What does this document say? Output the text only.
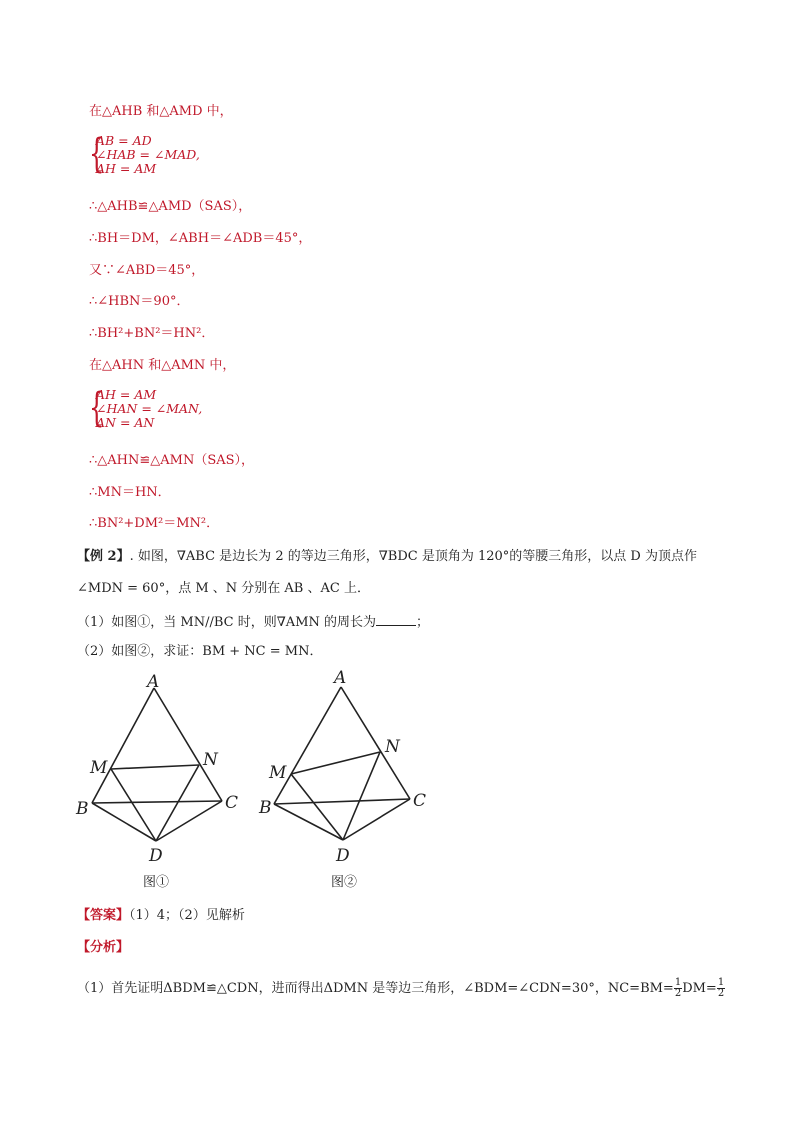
在△AHB 和△AMD 中，
{
AB = AD
∠HAB = ∠MAD,
AH = AM
∴△AHB≌△AMD（SAS），
∴BH＝DM，∠ABH＝∠ADB＝45°，
又∵∠ABD＝45°，
∴∠HBN＝90°．
∴BH²+BN²＝HN²．
在△AHN 和△AMN 中，
{
AH = AM
∠HAN = ∠MAN,
AN = AN
∴△AHN≌△AMN（SAS），
∴MN＝HN．
∴BN²+DM²＝MN²．
【例 2】. 如图，∇ABC 是边长为 2 的等边三角形，∇BDC 是顶角为 120°的等腰三角形，以点 D 为顶点作
∠MDN = 60°，点 M 、N 分别在 AB 、AC 上．
（1）如图①，当 MN//BC 时，则∇AMN 的周长为	；
（2）如图②，求证：BM + NC = MN．
A
M	N
B	C
D
图①
A
M
N
B	C
D
图②
【答案】（1）4；（2）见解析
【分析】
（1）首先证明ΔBDM≌△CDN，进而得出ΔDMN 是等边三角形，∠BDM=∠CDN=30°，$NC=BM= \frac{1}{2} DM= \frac{1}{2}$
